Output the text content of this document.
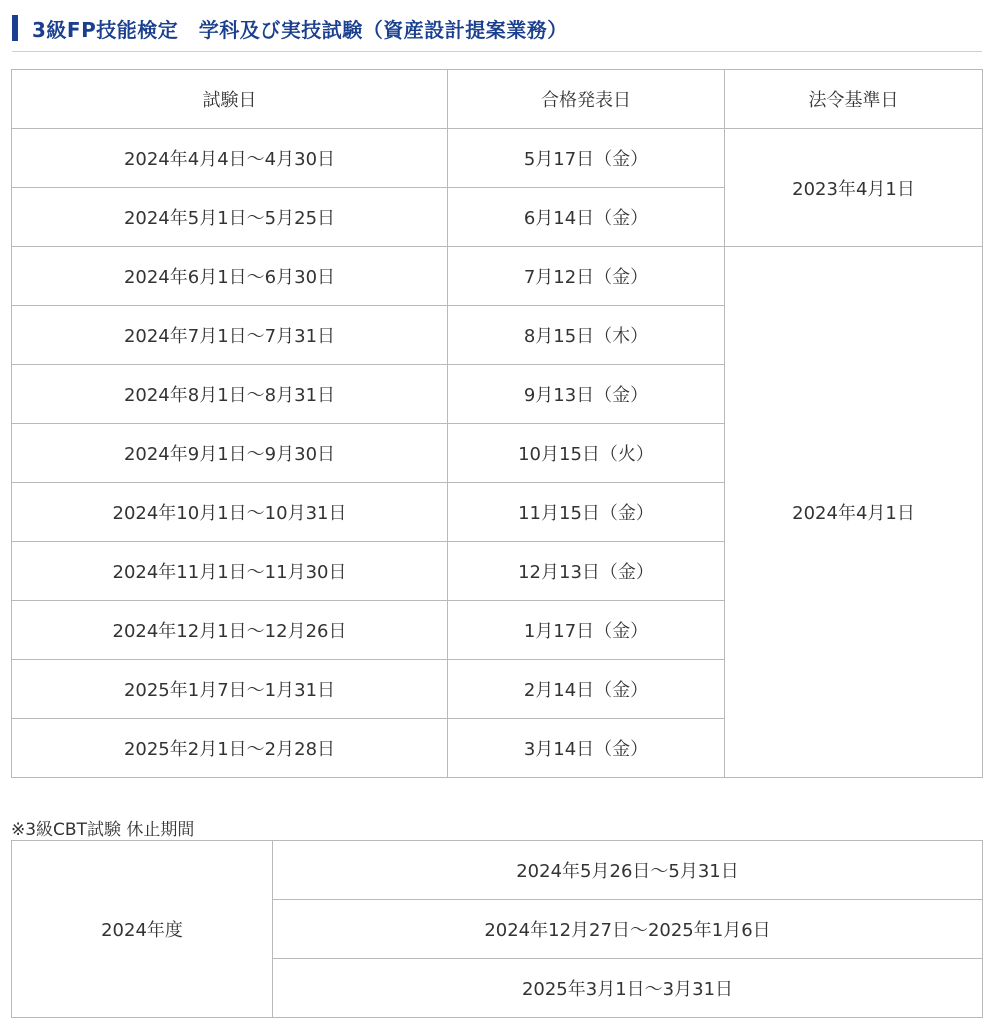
3級FP技能検定　学科及び実技試験（資産設計提案業務）
試験日	合格発表日	法令基準日
2024年4月4日〜4月30日	5月17日（金）	2023年4月1日
2024年5月1日〜5月25日	6月14日（金）	
2024年6月1日〜6月30日	7月12日（金）	2024年4月1日
2024年7月1日〜7月31日	8月15日（木）	
2024年8月1日〜8月31日	9月13日（金）	
2024年9月1日〜9月30日	10月15日（火）	
2024年10月1日〜10月31日	11月15日（金）	
2024年11月1日〜11月30日	12月13日（金）	
2024年12月1日〜12月26日	1月17日（金）	
2025年1月7日〜1月31日	2月14日（金）	
2025年2月1日〜2月28日	3月14日（金）	
※3級CBT試験 休止期間
2024年度	2024年5月26日〜5月31日
2024年12月27日〜2025年1月6日
2025年3月1日〜3月31日
